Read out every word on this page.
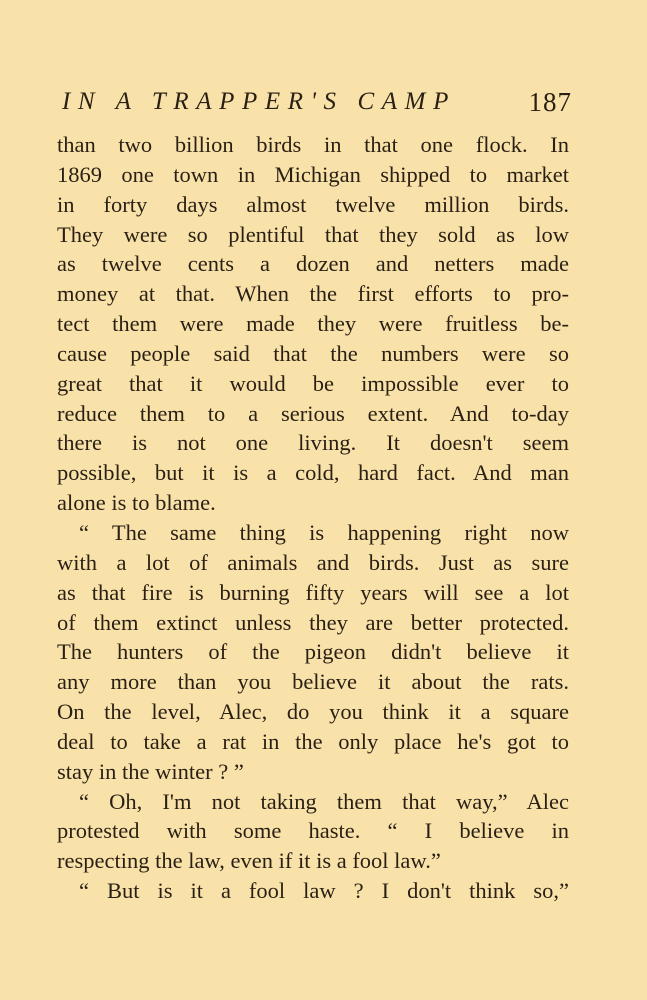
IN A TRAPPER'S CAMP	187
than two billion birds in that one flock. In
1869 one town in Michigan shipped to market
in forty days almost twelve million birds.
They were so plentiful that they sold as low
as twelve cents a dozen and netters made
money at that. When the first efforts to pro-
tect them were made they were fruitless be-
cause people said that the numbers were so
great that it would be impossible ever to
reduce them to a serious extent. And to-day
there is not one living. It doesn't seem
possible, but it is a cold, hard fact. And man
alone is to blame.
“ The same thing is happening right now
with a lot of animals and birds. Just as sure
as that fire is burning fifty years will see a lot
of them extinct unless they are better protected.
The hunters of the pigeon didn't believe it
any more than you believe it about the rats.
On the level, Alec, do you think it a square
deal to take a rat in the only place he's got to
stay in the winter ? ”
“ Oh, I'm not taking them that way,” Alec
protested with some haste. “ I believe in
respecting the law, even if it is a fool law.”
“ But is it a fool law ? I don't think so,”
